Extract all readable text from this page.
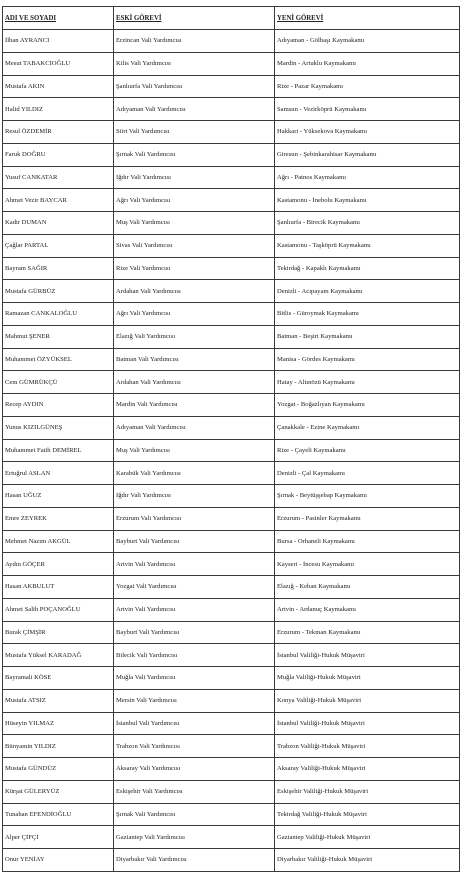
ADI VE SOYADI	ESKİ GÖREVİ	YENİ GÖREVİ
İlhan AYRANCI	Erzincan Vali Yardımcısı	Adıyaman - Gölbaşı Kaymakamı
Mesut TABAKCIOĞLU	Kilis Vali Yardımcısı	Mardin - Artuklu Kaymakamı
Mustafa AKIN	Şanlıurfa Vali Yardımcısı	Rize - Pazar Kaymakamı
Halid YILDIZ	Adıyaman Vali Yardımcısı	Samsun - Vezirköprü Kaymakamı
Resul ÖZDEMİR	Siirt Vali Yardımcısı	Hakkari - Yüksekova Kaymakamı
Faruk DOĞRU	Şırnak Vali Yardımcısı	Giresun - Şebinkarahisar Kaymakamı
Yusuf CANKATAR	Iğdır Vali Yardımcısı	Ağrı - Patnos Kaymakamı
Ahmet Vezir BAYCAR	Ağrı Vali Yardımcısı	Kastamonu - İnebolu Kaymakamı
Kadir DUMAN	Muş Vali Yardımcısı	Şanlıurfa - Birecik Kaymakamı
Çağlar PARTAL	Sivas Vali Yardımcısı	Kastamonu - Taşköprü Kaymakamı
Bayram SAĞIR	Rize Vali Yardımcısı	Tekirdağ - Kapaklı Kaymakamı
Mustafa GÜRBÜZ	Ardahan Vali Yardımcısı	Denizli - Acıpayam Kaymakamı
Ramazan CANKALOĞLU	Ağrı Vali Yardımcısı	Bitlis - Güroymak Kaymakamı
Mahmut ŞENER	Elazığ Vali Yardımcısı	Batman - Beşiri Kaymakamı
Muhammet ÖZYÜKSEL	Batman Vali Yardımcısı	Manisa - Gördes Kaymakamı
Cem GÜMRÜKÇÜ	Ardahan Vali Yardımcısı	Hatay - Altınözü Kaymakamı
Recep AYDIN	Mardin Vali Yardımcısı	Yozgat - Boğazlıyan Kaymakamı
Yunus KIZILGÜNEŞ	Adıyaman Vali Yardımcısı	Çanakkale - Ezine Kaymakamı
Muhammet Fatih DEMİREL	Muş Vali Yardımcısı	Rize - Çayeli Kaymakamı
Ertuğrul ASLAN	Karabük Vali Yardımcısı	Denizli - Çal Kaymakamı
Hasan UĞUZ	Iğdır Vali Yardımcısı	Şırnak - Beytüşşebap Kaymakamı
Emre ZEYREK	Erzurum Vali Yardımcısı	Erzurum - Pasinler Kaymakamı
Mehmet Nazım AKGÜL	Bayburt Vali Yardımcısı	Bursa - Orhaneli Kaymakamı
Aydın GÖÇER	Artvin Vali Yardımcısı	Kayseri - İncesu Kaymakamı
Hasan AKBULUT	Yozgat Vali Yardımcısı	Elazığ - Keban Kaymakamı
Ahmet Salih POÇANOĞLU	Artvin Vali Yardımcısı	Artvin - Ardanuç Kaymakamı
Burak ÇİMŞİR	Bayburt Vali Yardımcısı	Erzurum - Tekman Kaymakamı
Mustafa Yüksel KARADAĞ	Bilecik Vali Yardımcısı	İstanbul Valiliği-Hukuk Müşaviri
Bayramali KÖSE	Muğla Vali Yardımcısı	Muğla Valiliği-Hukuk Müşaviri
Mustafa ATSIZ	Mersin Vali Yardımcısı	Konya Valiliği-Hukuk Müşaviri
Hüseyin YILMAZ	İstanbul Vali Yardımcısı	İstanbul Valiliği-Hukuk Müşaviri
Bünyamin YILDIZ	Trabzon Vali Yardımcısı	Trabzon Valiliği-Hukuk Müşaviri
Mustafa GÜNDÜZ	Aksaray Vali Yardımcısı	Aksaray Valiliği-Hukuk Müşaviri
Kürşat GÜLERYÜZ	Eskişehir Vali Yardımcısı	Eskişehir Valiliği-Hukuk Müşaviri
Tunahan EFENDİOĞLU	Şırnak Vali Yardımcısı	Tekirdağ Valiliği-Hukuk Müşaviri
Alper ÇİFÇİ	Gaziantep Vali Yardımcısı	Gaziantep Valiliği-Hukuk Müşaviri
Onur YENİAY	Diyarbakır Vali Yardımcısı	Diyarbakır Valiliği-Hukuk Müşaviri
